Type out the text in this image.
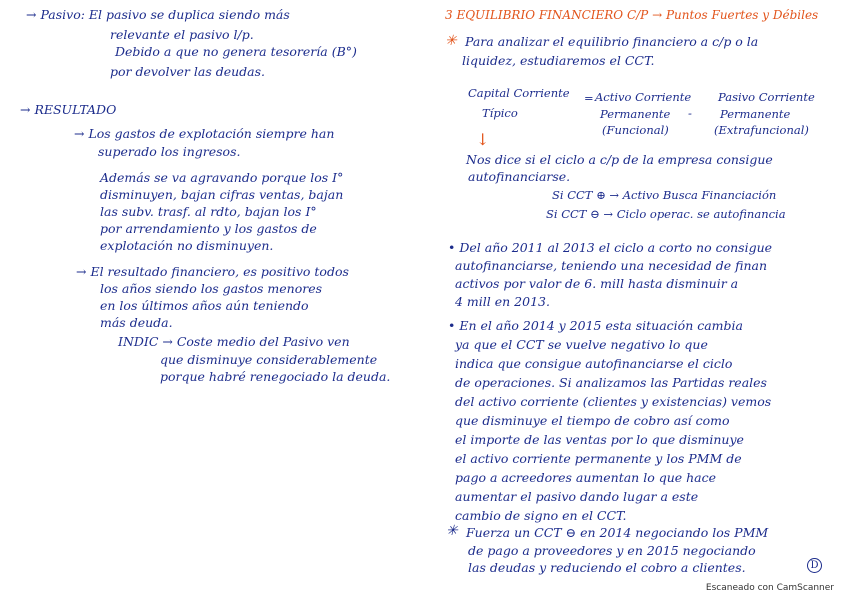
→ Pasivo: El pasivo se duplica siendo más
relevante el pasivo l/p.
Debido a que no genera tesorería (B°)
por devolver las deudas.
→ RESULTADO
→ Los gastos de explotación siempre han
superado los ingresos.
Además se va agravando porque los I°
disminuyen, bajan cifras ventas, bajan
las subv. trasf. al rdto, bajan los I°
por arrendamiento y los gastos de
explotación no disminuyen.
→ El resultado financiero, es positivo todos
los años siendo los gastos menores
en los últimos años aún teniendo
más deuda.
INDIC → Coste medio del Pasivo ven
que disminuye considerablemente
porque habré renegociado la deuda.
3 EQUILIBRIO FINANCIERO C/P → Puntos Fuertes y Débiles
✳ Para analizar el equilibrio financiero a c/p o la
liquidez, estudiaremos el CCT.
Capital Corriente
Típico
= Activo Corriente
Permanente
(Funcional)
-
Pasivo Corriente
Permanente
(Extrafuncional)
↓
Nos dice si el ciclo a c/p de la empresa consigue
autofinanciarse.
Si CCT ⊕ → Activo Busca Financiación
Si CCT ⊖ → Ciclo operac. se autofinancia
• Del año 2011 al 2013 el ciclo a corto no consigue
autofinanciarse, teniendo una necesidad de finan
activos por valor de 6. mill hasta disminuir a
4 mill en 2013.
• En el año 2014 y 2015 esta situación cambia
ya que el CCT se vuelve negativo lo que
indica que consigue autofinanciarse el ciclo
de operaciones. Si analizamos las Partidas reales
del activo corriente (clientes y existencias) vemos
que disminuye el tiempo de cobro así como
el importe de las ventas por lo que disminuye
el activo corriente permanente y los PMM de
pago a acreedores aumentan lo que hace
aumentar el pasivo dando lugar a este
cambio de signo en el CCT.
✳ Fuerza un CCT ⊖ en 2014 negociando los PMM
de pago a proveedores y en 2015 negociando
las deudas y reduciendo el cobro a clientes.	D
Escaneado con CamScanner
